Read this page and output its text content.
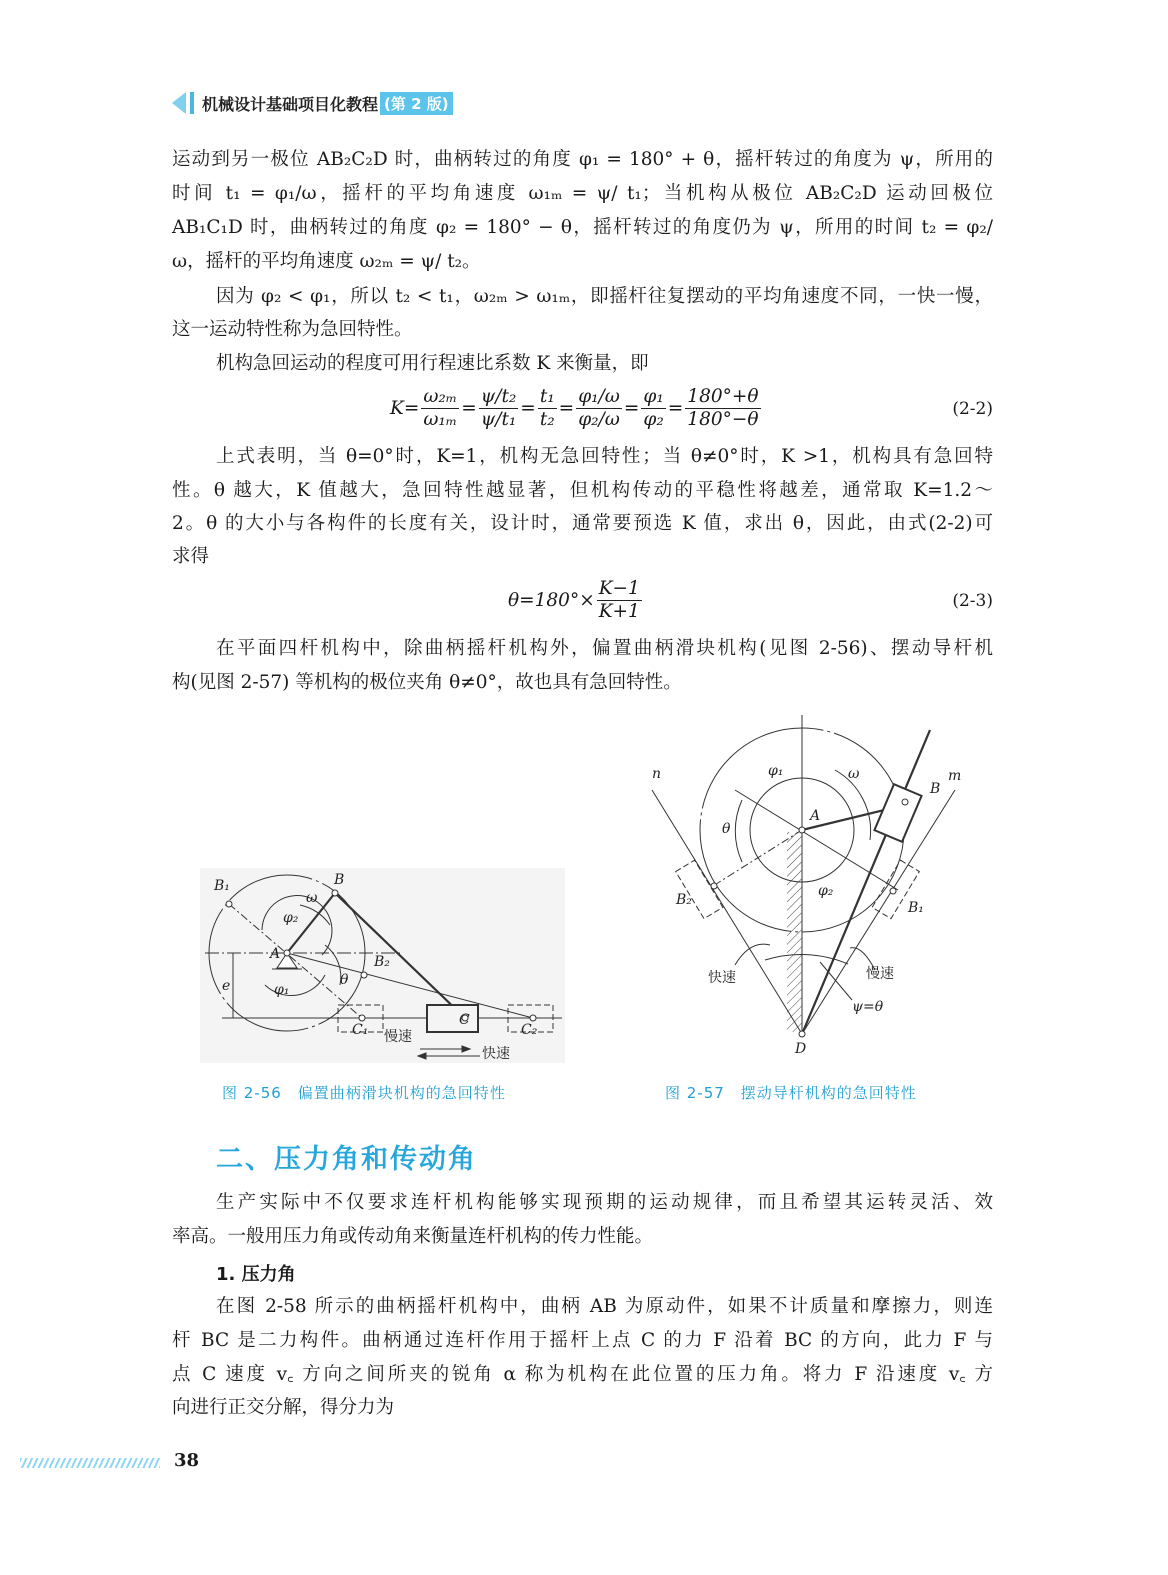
机械设计基础项目化教程 (第 2 版)
运动到另一极位 AB₂C₂D 时，曲柄转过的角度 φ₁ = 180° + θ，摇杆转过的角度为 ψ，所用的
时间 t₁ = φ₁/ω，摇杆的平均角速度 ω₁ₘ = ψ/ t₁；当机构从极位 AB₂C₂D 运动回极位
AB₁C₁D 时，曲柄转过的角度 φ₂ = 180° − θ，摇杆转过的角度仍为 ψ，所用的时间 t₂ = φ₂/
ω，摇杆的平均角速度 ω₂ₘ = ψ/ t₂。
因为 φ₂ < φ₁，所以 t₂ < t₁，ω₂ₘ > ω₁ₘ，即摇杆往复摆动的平均角速度不同，一快一慢，
这一运动特性称为急回特性。
机构急回运动的程度可用行程速比系数 K 来衡量，即
$K= \frac{\text{ω₂ₘ}}{\text{ω₁ₘ}} = \frac{\text{ψ/t₂}}{\text{ψ/t₁}} = \frac{\text{t₁}}{\text{t₂}} = \frac{\text{φ₁/ω}}{\text{φ₂/ω}} = \frac{\text{φ₁}}{\text{φ₂}} = \frac{180^\circ+\theta}{180^\circ-\theta}$	(2-2)
上式表明，当 θ=0°时，K=1，机构无急回特性；当 θ≠0°时，K >1，机构具有急回特
性。θ 越大，K 值越大，急回特性越显著，但机构传动的平稳性将越差，通常取 K=1.2～
2。θ 的大小与各构件的长度有关，设计时，通常要预选 K 值，求出 θ，因此，由式(2-2)可
求得
$\theta=180^\circ\times \frac{K-1}{K+1}$	(2-3)
在平面四杆机构中，除曲柄摇杆机构外，偏置曲柄滑块机构(见图 2-56)、摆动导杆机
构(见图 2-57) 等机构的极位夹角 θ≠0°，故也具有急回特性。
B₁	B
ω
φ₂
A	B₂
e	φ₁
θ
C
C₁	C₂
慢速
快速
图 2-56　偏置曲柄滑块机构的急回特性
n	m
φ₁	ω
B
A
θ
B₂
φ₂
B₁
快速	慢速
ψ=θ
D
图 2-57　摆动导杆机构的急回特性
二、压力角和传动角
生产实际中不仅要求连杆机构能够实现预期的运动规律，而且希望其运转灵活、效
率高。一般用压力角或传动角来衡量连杆机构的传力性能。
1. 压力角
在图 2-58 所示的曲柄摇杆机构中，曲柄 AB 为原动件，如果不计质量和摩擦力，则连
杆 BC 是二力构件。曲柄通过连杆作用于摇杆上点 C 的力 F 沿着 BC 的方向，此力 F 与
点 C 速度 v꜀ 方向之间所夹的锐角 α 称为机构在此位置的压力角。将力 F 沿速度 v꜀ 方
向进行正交分解，得分力为
38
